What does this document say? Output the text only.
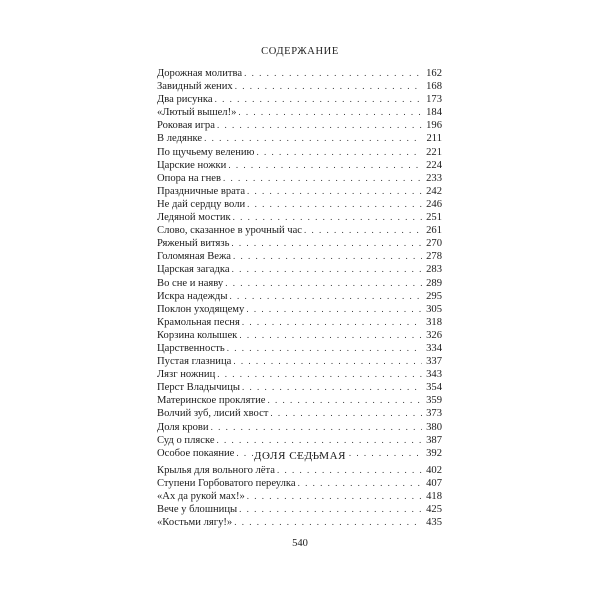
СОДЕРЖАНИЕ
Дорожная молитва . . .	162
Завидный жених . . .	168
Два рисунка . . .	173
«Лютый вышел!» . . .	184
Роковая игра . . .	196
В ледянке . . .	211
По щучьему велению . . .	221
Царские ножки . . .	224
Опора на гнев . . .	233
Праздничные врата . . .	242
Не дай сердцу воли . . .	246
Ледяной мостик . . .	251
Слово, сказанное в урочный час . . .	261
Ряженый витязь . . .	270
Голомяная Вежа . . .	278
Царская загадка . . .	283
Во сне и наяву . . .	289
Искра надежды . . .	295
Поклон уходящему . . .	305
Крамольная песня . . .	318
Корзина колышек . . .	326
Царственность . . .	334
Пустая глазница . . .	337
Лязг ножниц . . .	343
Перст Владычицы . . .	354
Материнское проклятие . . .	359
Волчий зуб, лисий хвост . . .	373
Доля крови . . .	380
Суд о пляске . . .	387
Особое покаяние . . .	392
ДОЛЯ СЕДЬМАЯ
Крылья для вольного лёта . . .	402
Ступени Горбоватого переулка . . .	407
«Ах да рукой мах!» . . .	418
Вече у блошницы . . .	425
«Костьми лягу!» . . .	435
540
